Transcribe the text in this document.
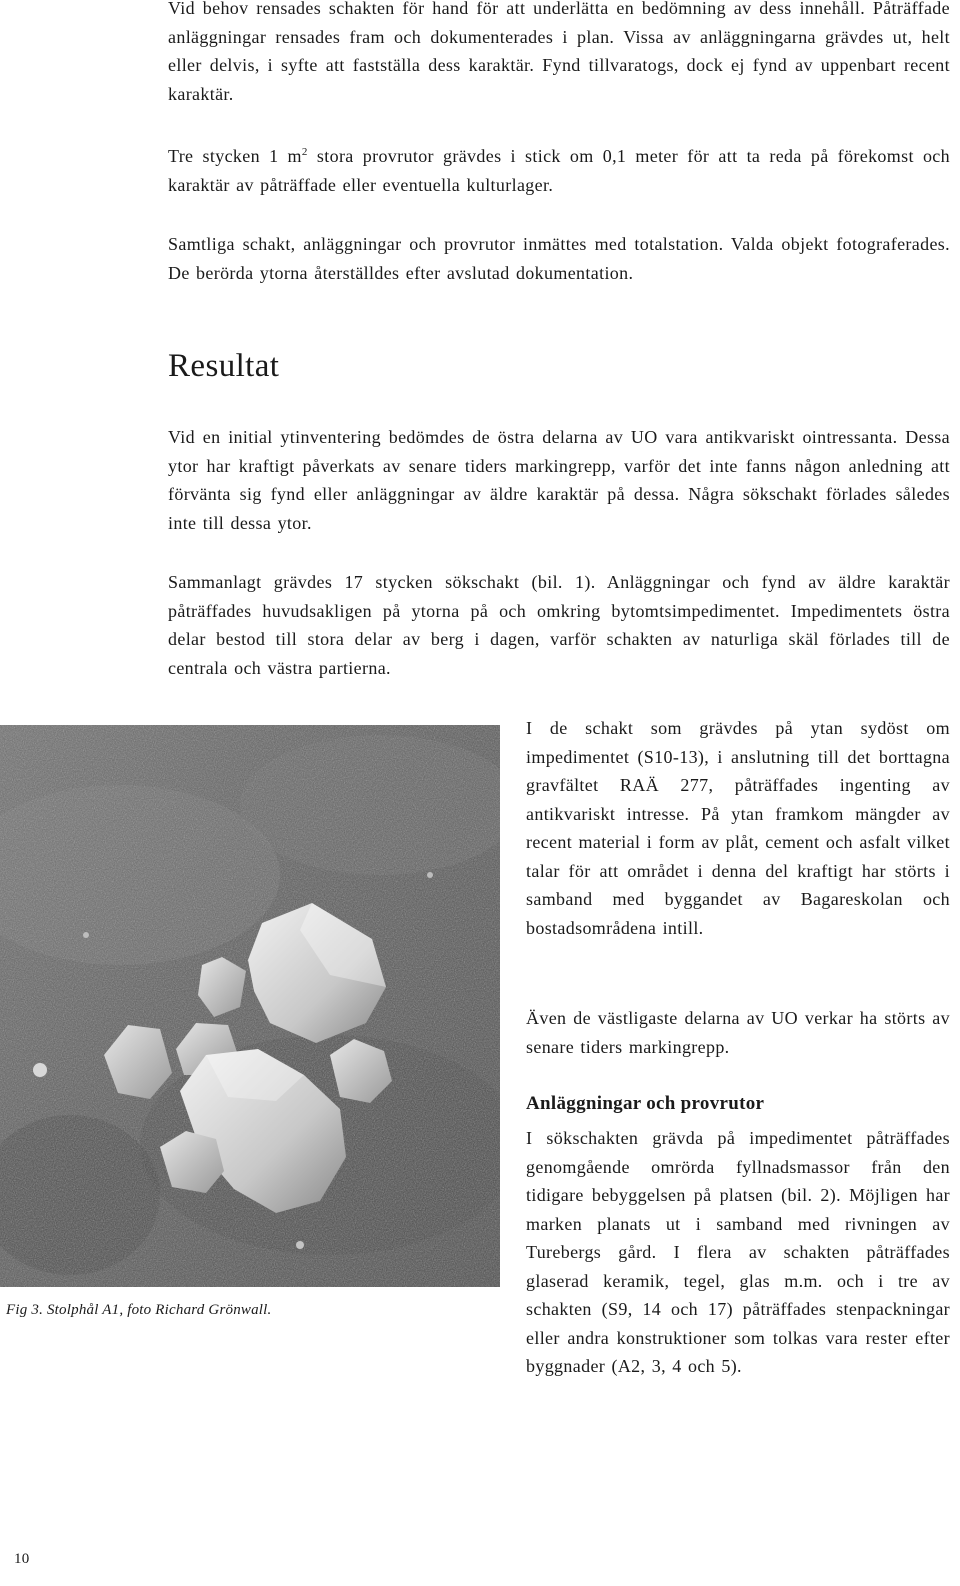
Vid behov rensades schakten för hand för att underlätta en bedömning av dess innehåll. Påträffade anläggningar rensades fram och dokumenterades i plan. Vissa av anläggningarna grävdes ut, helt eller delvis, i syfte att fastställa dess karaktär. Fynd tillvaratogs, dock ej fynd av uppenbart recent karaktär.

Tre stycken 1 $m^2$ stora provrutor grävdes i stick om 0,1 meter för att ta reda på förekomst och karaktär av påträffade eller eventuella kulturlager.

Samtliga schakt, anläggningar och provrutor inmättes med totalstation. Valda objekt fotograferades. De berörda ytorna återställdes efter avslutad dokumentation.

Resultat

Vid en initial ytinventering bedömdes de östra delarna av UO vara antikvariskt ointressanta. Dessa ytor har kraftigt påverkats av senare tiders markingrepp, varför det inte fanns någon anledning att förvänta sig fynd eller anläggningar av äldre karaktär på dessa. Några sökschakt förlades således inte till dessa ytor.

Sammanlagt grävdes 17 stycken sökschakt (bil. 1). Anläggningar och fynd av äldre karaktär påträffades huvudsakligen på ytorna på och omkring bytomtsimpedimentet. Impedimentets östra delar bestod till stora delar av berg i dagen, varför schakten av naturliga skäl förlades till de centrala och västra partierna.

Fig 3. Stolphål A1, foto Richard Grönwall.

I de schakt som grävdes på ytan sydöst om impedimentet (S10-13), i anslutning till det borttagna gravfältet RAÄ 277, påträffades ingenting av antikvariskt intresse. På ytan framkom mängder av recent material i form av plåt, cement och asfalt vilket talar för att området i denna del kraftigt har störts i samband med byggandet av Bagareskolan och bostadsområdena intill.

Även de västligaste delarna av UO verkar ha störts av senare tiders markingrepp.

Anläggningar och provrutor

I sökschakten grävda på impedimentet påträffades genomgående omrörda fyllnadsmassor från den tidigare bebyggelsen på platsen (bil. 2). Möjligen har marken planats ut i samband med rivningen av Turebergs gård. I flera av schakten påträffades glaserad keramik, tegel, glas m.m. och i tre av schakten (S9, 14 och 17) påträffades stenpackningar eller andra konstruktioner som tolkas vara rester efter byggnader (A2, 3, 4 och 5).

10
